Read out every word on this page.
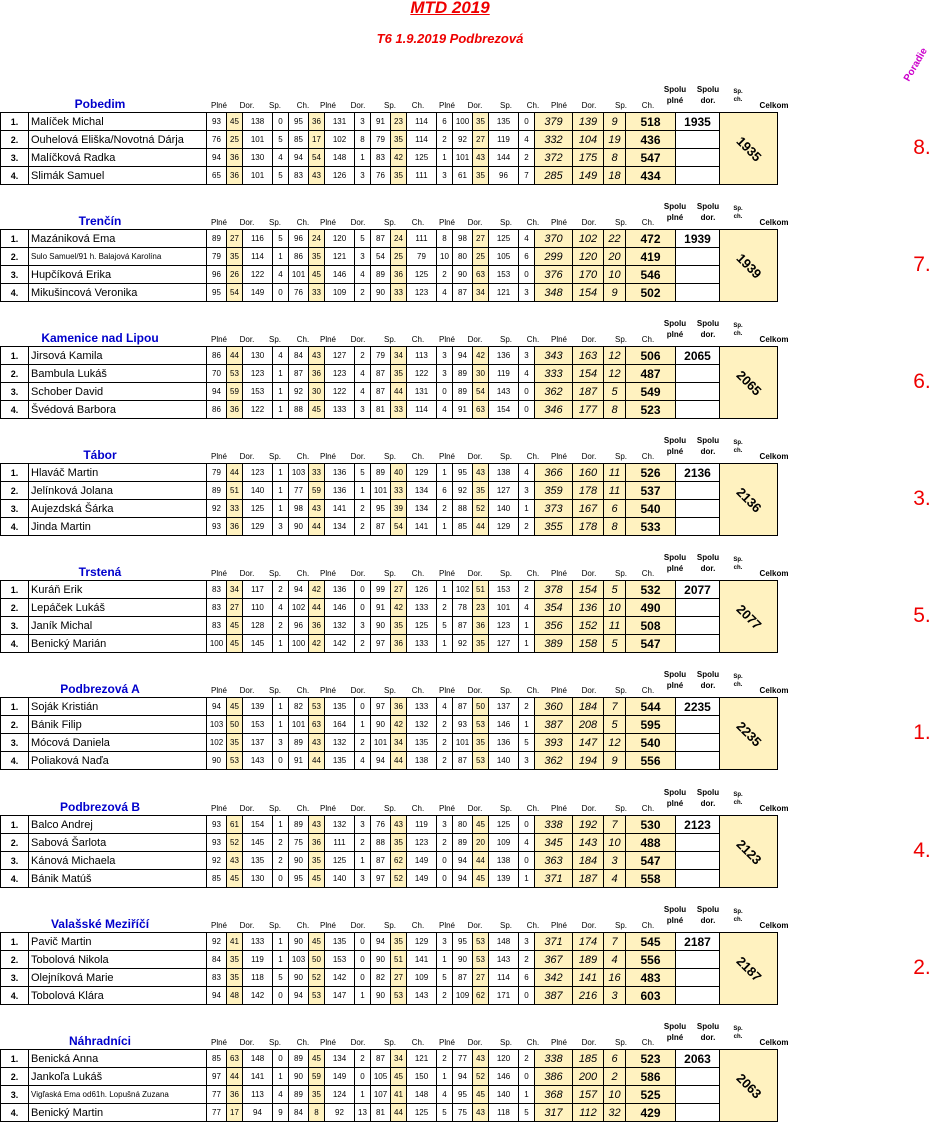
MTD 2019
T6 1.9.2019 Podbrezová
Poradie
Pobedim	Plné	Dor.	Sp.	Ch.	Plné	Dor.	Sp.	Ch.	Plné	Dor.	Sp.	Ch.	Plné	Dor.	Sp.	Ch.
Spolu
plné
Spolu
dor.
Sp.
ch.
Celkom
1.	Malíček Michal	93	45	138	0	95	36	131	3	91	23	114	6	100	35	135	0	379	139	9	518	1935	1935

2.	Ouhelová Eliška/Novotná Dárja	76	25	101	5	85	17	102	8	79	35	114	2	92	27	119	4	332	104	19	436		
3.	Malíčková Radka	94	36	130	4	94	54	148	1	83	42	125	1	101	43	144	2	372	175	8	547		
4.	Slimák Samuel	65	36	101	5	83	43	126	3	76	35	111	3	61	35	96	7	285	149	18	434		
8.
Trenčín	Plné	Dor.	Sp.	Ch.	Plné	Dor.	Sp.	Ch.	Plné	Dor.	Sp.	Ch.	Plné	Dor.	Sp.	Ch.
Spolu
plné
Spolu
dor.
Sp.
ch.
Celkom
1.	Mazániková Ema	89	27	116	5	96	24	120	5	87	24	111	8	98	27	125	4	370	102	22	472	1939	1939

2.	Sulo Samuel/91 h. Balajová Karolína	79	35	114	1	86	35	121	3	54	25	79	10	80	25	105	6	299	120	20	419		
3.	Hupčíková Erika	96	26	122	4	101	45	146	4	89	36	125	2	90	63	153	0	376	170	10	546		
4.	Mikušincová Veronika	95	54	149	0	76	33	109	2	90	33	123	4	87	34	121	3	348	154	9	502		
7.
Kamenice nad Lipou	Plné	Dor.	Sp.	Ch.	Plné	Dor.	Sp.	Ch.	Plné	Dor.	Sp.	Ch.	Plné	Dor.	Sp.	Ch.
Spolu
plné
Spolu
dor.
Sp.
ch.
Celkom
1.	Jirsová Kamila	86	44	130	4	84	43	127	2	79	34	113	3	94	42	136	3	343	163	12	506	2065	2065

2.	Bambula Lukáš	70	53	123	1	87	36	123	4	87	35	122	3	89	30	119	4	333	154	12	487		
3.	Schober David	94	59	153	1	92	30	122	4	87	44	131	0	89	54	143	0	362	187	5	549		
4.	Švédová Barbora	86	36	122	1	88	45	133	3	81	33	114	4	91	63	154	0	346	177	8	523		
6.
Tábor	Plné	Dor.	Sp.	Ch.	Plné	Dor.	Sp.	Ch.	Plné	Dor.	Sp.	Ch.	Plné	Dor.	Sp.	Ch.
Spolu
plné
Spolu
dor.
Sp.
ch.
Celkom
1.	Hlaváč Martin	79	44	123	1	103	33	136	5	89	40	129	1	95	43	138	4	366	160	11	526	2136	2136

2.	Jelínková Jolana	89	51	140	1	77	59	136	1	101	33	134	6	92	35	127	3	359	178	11	537		
3.	Aujezdská Šárka	92	33	125	1	98	43	141	2	95	39	134	2	88	52	140	1	373	167	6	540		
4.	Jinda Martin	93	36	129	3	90	44	134	2	87	54	141	1	85	44	129	2	355	178	8	533		
3.
Trstená	Plné	Dor.	Sp.	Ch.	Plné	Dor.	Sp.	Ch.	Plné	Dor.	Sp.	Ch.	Plné	Dor.	Sp.	Ch.
Spolu
plné
Spolu
dor.
Sp.
ch.
Celkom
1.	Kuráň Erik	83	34	117	2	94	42	136	0	99	27	126	1	102	51	153	2	378	154	5	532	2077	2077

2.	Lepáček Lukáš	83	27	110	4	102	44	146	0	91	42	133	2	78	23	101	4	354	136	10	490		
3.	Janík Michal	83	45	128	2	96	36	132	3	90	35	125	5	87	36	123	1	356	152	11	508		
4.	Benický Marián	100	45	145	1	100	42	142	2	97	36	133	1	92	35	127	1	389	158	5	547		
5.
Podbrezová A	Plné	Dor.	Sp.	Ch.	Plné	Dor.	Sp.	Ch.	Plné	Dor.	Sp.	Ch.	Plné	Dor.	Sp.	Ch.
Spolu
plné
Spolu
dor.
Sp.
ch.
Celkom
1.	Soják Kristián	94	45	139	1	82	53	135	0	97	36	133	4	87	50	137	2	360	184	7	544	2235	2235

2.	Bánik Filip	103	50	153	1	101	63	164	1	90	42	132	2	93	53	146	1	387	208	5	595		
3.	Mócová Daniela	102	35	137	3	89	43	132	2	101	34	135	2	101	35	136	5	393	147	12	540		
4.	Poliaková Naďa	90	53	143	0	91	44	135	4	94	44	138	2	87	53	140	3	362	194	9	556		
1.
Podbrezová B	Plné	Dor.	Sp.	Ch.	Plné	Dor.	Sp.	Ch.	Plné	Dor.	Sp.	Ch.	Plné	Dor.	Sp.	Ch.
Spolu
plné
Spolu
dor.
Sp.
ch.
Celkom
1.	Balco Andrej	93	61	154	1	89	43	132	3	76	43	119	3	80	45	125	0	338	192	7	530	2123	2123

2.	Sabová Šarlota	93	52	145	2	75	36	111	2	88	35	123	2	89	20	109	4	345	143	10	488		
3.	Kánová Michaela	92	43	135	2	90	35	125	1	87	62	149	0	94	44	138	0	363	184	3	547		
4.	Bánik Matúš	85	45	130	0	95	45	140	3	97	52	149	0	94	45	139	1	371	187	4	558		
4.
Valašské Meziříčí	Plné	Dor.	Sp.	Ch.	Plné	Dor.	Sp.	Ch.	Plné	Dor.	Sp.	Ch.	Plné	Dor.	Sp.	Ch.
Spolu
plné
Spolu
dor.
Sp.
ch.
Celkom
1.	Pavič Martin	92	41	133	1	90	45	135	0	94	35	129	3	95	53	148	3	371	174	7	545	2187	2187

2.	Tobolová Nikola	84	35	119	1	103	50	153	0	90	51	141	1	90	53	143	2	367	189	4	556		
3.	Olejníková Marie	83	35	118	5	90	52	142	0	82	27	109	5	87	27	114	6	342	141	16	483		
4.	Tobolová Klára	94	48	142	0	94	53	147	1	90	53	143	2	109	62	171	0	387	216	3	603		
2.
Náhradníci	Plné	Dor.	Sp.	Ch.	Plné	Dor.	Sp.	Ch.	Plné	Dor.	Sp.	Ch.	Plné	Dor.	Sp.	Ch.
Spolu
plné
Spolu
dor.
Sp.
ch.
Celkom
1.	Benická Anna	85	63	148	0	89	45	134	2	87	34	121	2	77	43	120	2	338	185	6	523	2063	2063

2.	Jankoľa Lukáš	97	44	141	1	90	59	149	0	105	45	150	1	94	52	146	0	386	200	2	586		
3.	Vigľaská Ema od61h. Lopušná Zuzana	77	36	113	4	89	35	124	1	107	41	148	4	95	45	140	1	368	157	10	525		
4.	Benický Martin	77	17	94	9	84	8	92	13	81	44	125	5	75	43	118	5	317	112	32	429		
